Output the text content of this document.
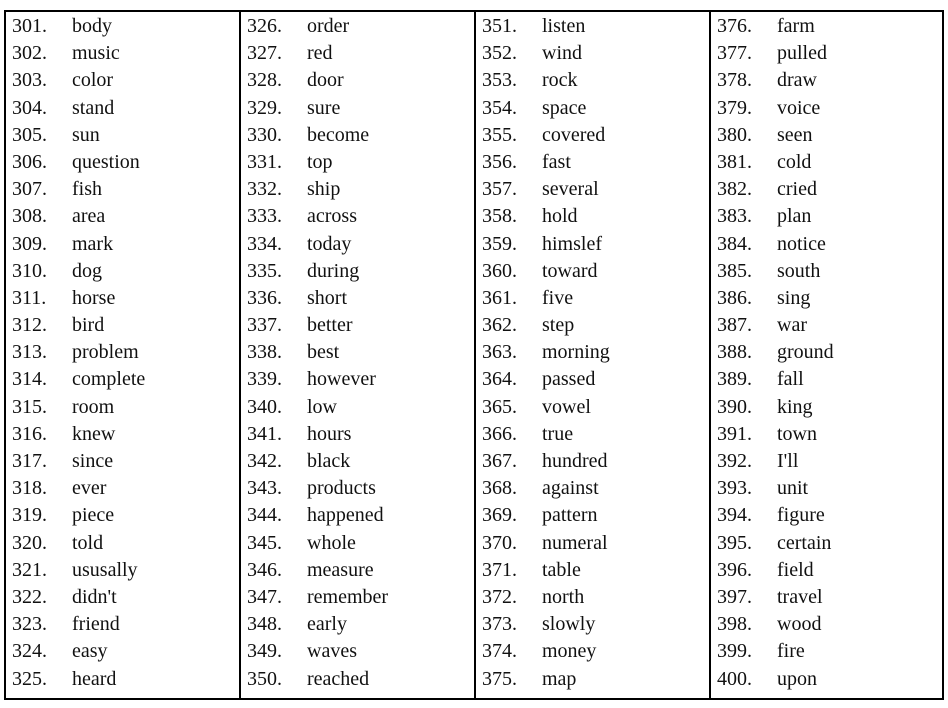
301. body
302. music
303. color
304. stand
305. sun
306. question
307. fish
308. area
309. mark
310. dog
311. horse
312. bird
313. problem
314. complete
315. room
316. knew
317. since
318. ever
319. piece
320. told
321. ususally
322. didn't
323. friend
324. easy
325. heard
326. order
327. red
328. door
329. sure
330. become
331. top
332. ship
333. across
334. today
335. during
336. short
337. better
338. best
339. however
340. low
341. hours
342. black
343. products
344. happened
345. whole
346. measure
347. remember
348. early
349. waves
350. reached
351. listen
352. wind
353. rock
354. space
355. covered
356. fast
357. several
358. hold
359. himslef
360. toward
361. five
362. step
363. morning
364. passed
365. vowel
366. true
367. hundred
368. against
369. pattern
370. numeral
371. table
372. north
373. slowly
374. money
375. map
376. farm
377. pulled
378. draw
379. voice
380. seen
381. cold
382. cried
383. plan
384. notice
385. south
386. sing
387. war
388. ground
389. fall
390. king
391. town
392. I'll
393. unit
394. figure
395. certain
396. field
397. travel
398. wood
399. fire
400. upon
